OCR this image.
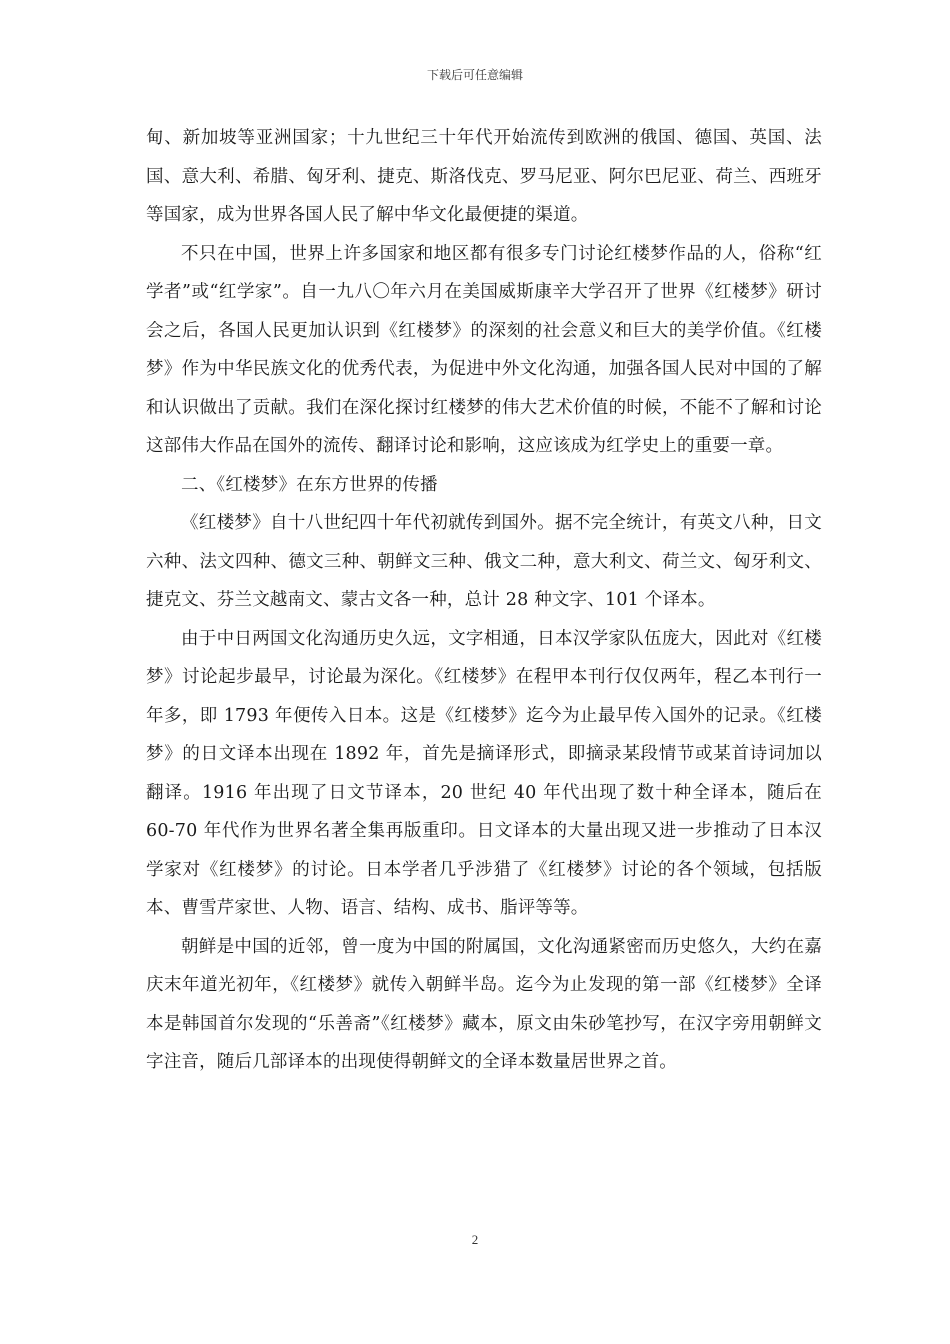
下载后可任意编辑

甸、新加坡等亚洲国家；十九世纪三十年代开始流传到欧洲的俄国、德国、英国、法国、意大利、希腊、匈牙利、捷克、斯洛伐克、罗马尼亚、阿尔巴尼亚、荷兰、西班牙等国家，成为世界各国人民了解中华文化最便捷的渠道。

不只在中国，世界上许多国家和地区都有很多专门讨论红楼梦作品的人，俗称“红学者”或“红学家”。自一九八〇年六月在美国威斯康辛大学召开了世界《红楼梦》研讨会之后，各国人民更加认识到《红楼梦》的深刻的社会意义和巨大的美学价值。《红楼梦》作为中华民族文化的优秀代表，为促进中外文化沟通，加强各国人民对中国的了解和认识做出了贡献。我们在深化探讨红楼梦的伟大艺术价值的时候，不能不了解和讨论这部伟大作品在国外的流传、翻译讨论和影响，这应该成为红学史上的重要一章。

二、《红楼梦》在东方世界的传播

《红楼梦》自十八世纪四十年代初就传到国外。据不完全统计，有英文八种，日文六种、法文四种、德文三种、朝鲜文三种、俄文二种，意大利文、荷兰文、匈牙利文、捷克文、芬兰文越南文、蒙古文各一种，总计 28 种文字、101 个译本。

由于中日两国文化沟通历史久远，文字相通，日本汉学家队伍庞大，因此对《红楼梦》讨论起步最早，讨论最为深化。《红楼梦》在程甲本刊行仅仅两年，程乙本刊行一年多，即 1793 年便传入日本。这是《红楼梦》迄今为止最早传入国外的记录。《红楼梦》的日文译本出现在 1892 年，首先是摘译形式，即摘录某段情节或某首诗词加以翻译。1916 年出现了日文节译本，20 世纪 40 年代出现了数十种全译本，随后在 60-70 年代作为世界名著全集再版重印。日文译本的大量出现又进一步推动了日本汉学家对《红楼梦》的讨论。日本学者几乎涉猎了《红楼梦》讨论的各个领域，包括版本、曹雪芹家世、人物、语言、结构、成书、脂评等等。

朝鲜是中国的近邻，曾一度为中国的附属国，文化沟通紧密而历史悠久，大约在嘉庆末年道光初年，《红楼梦》就传入朝鲜半岛。迄今为止发现的第一部《红楼梦》全译本是韩国首尔发现的“乐善斋”《红楼梦》藏本，原文由朱砂笔抄写，在汉字旁用朝鲜文字注音，随后几部译本的出现使得朝鲜文的全译本数量居世界之首。

2
